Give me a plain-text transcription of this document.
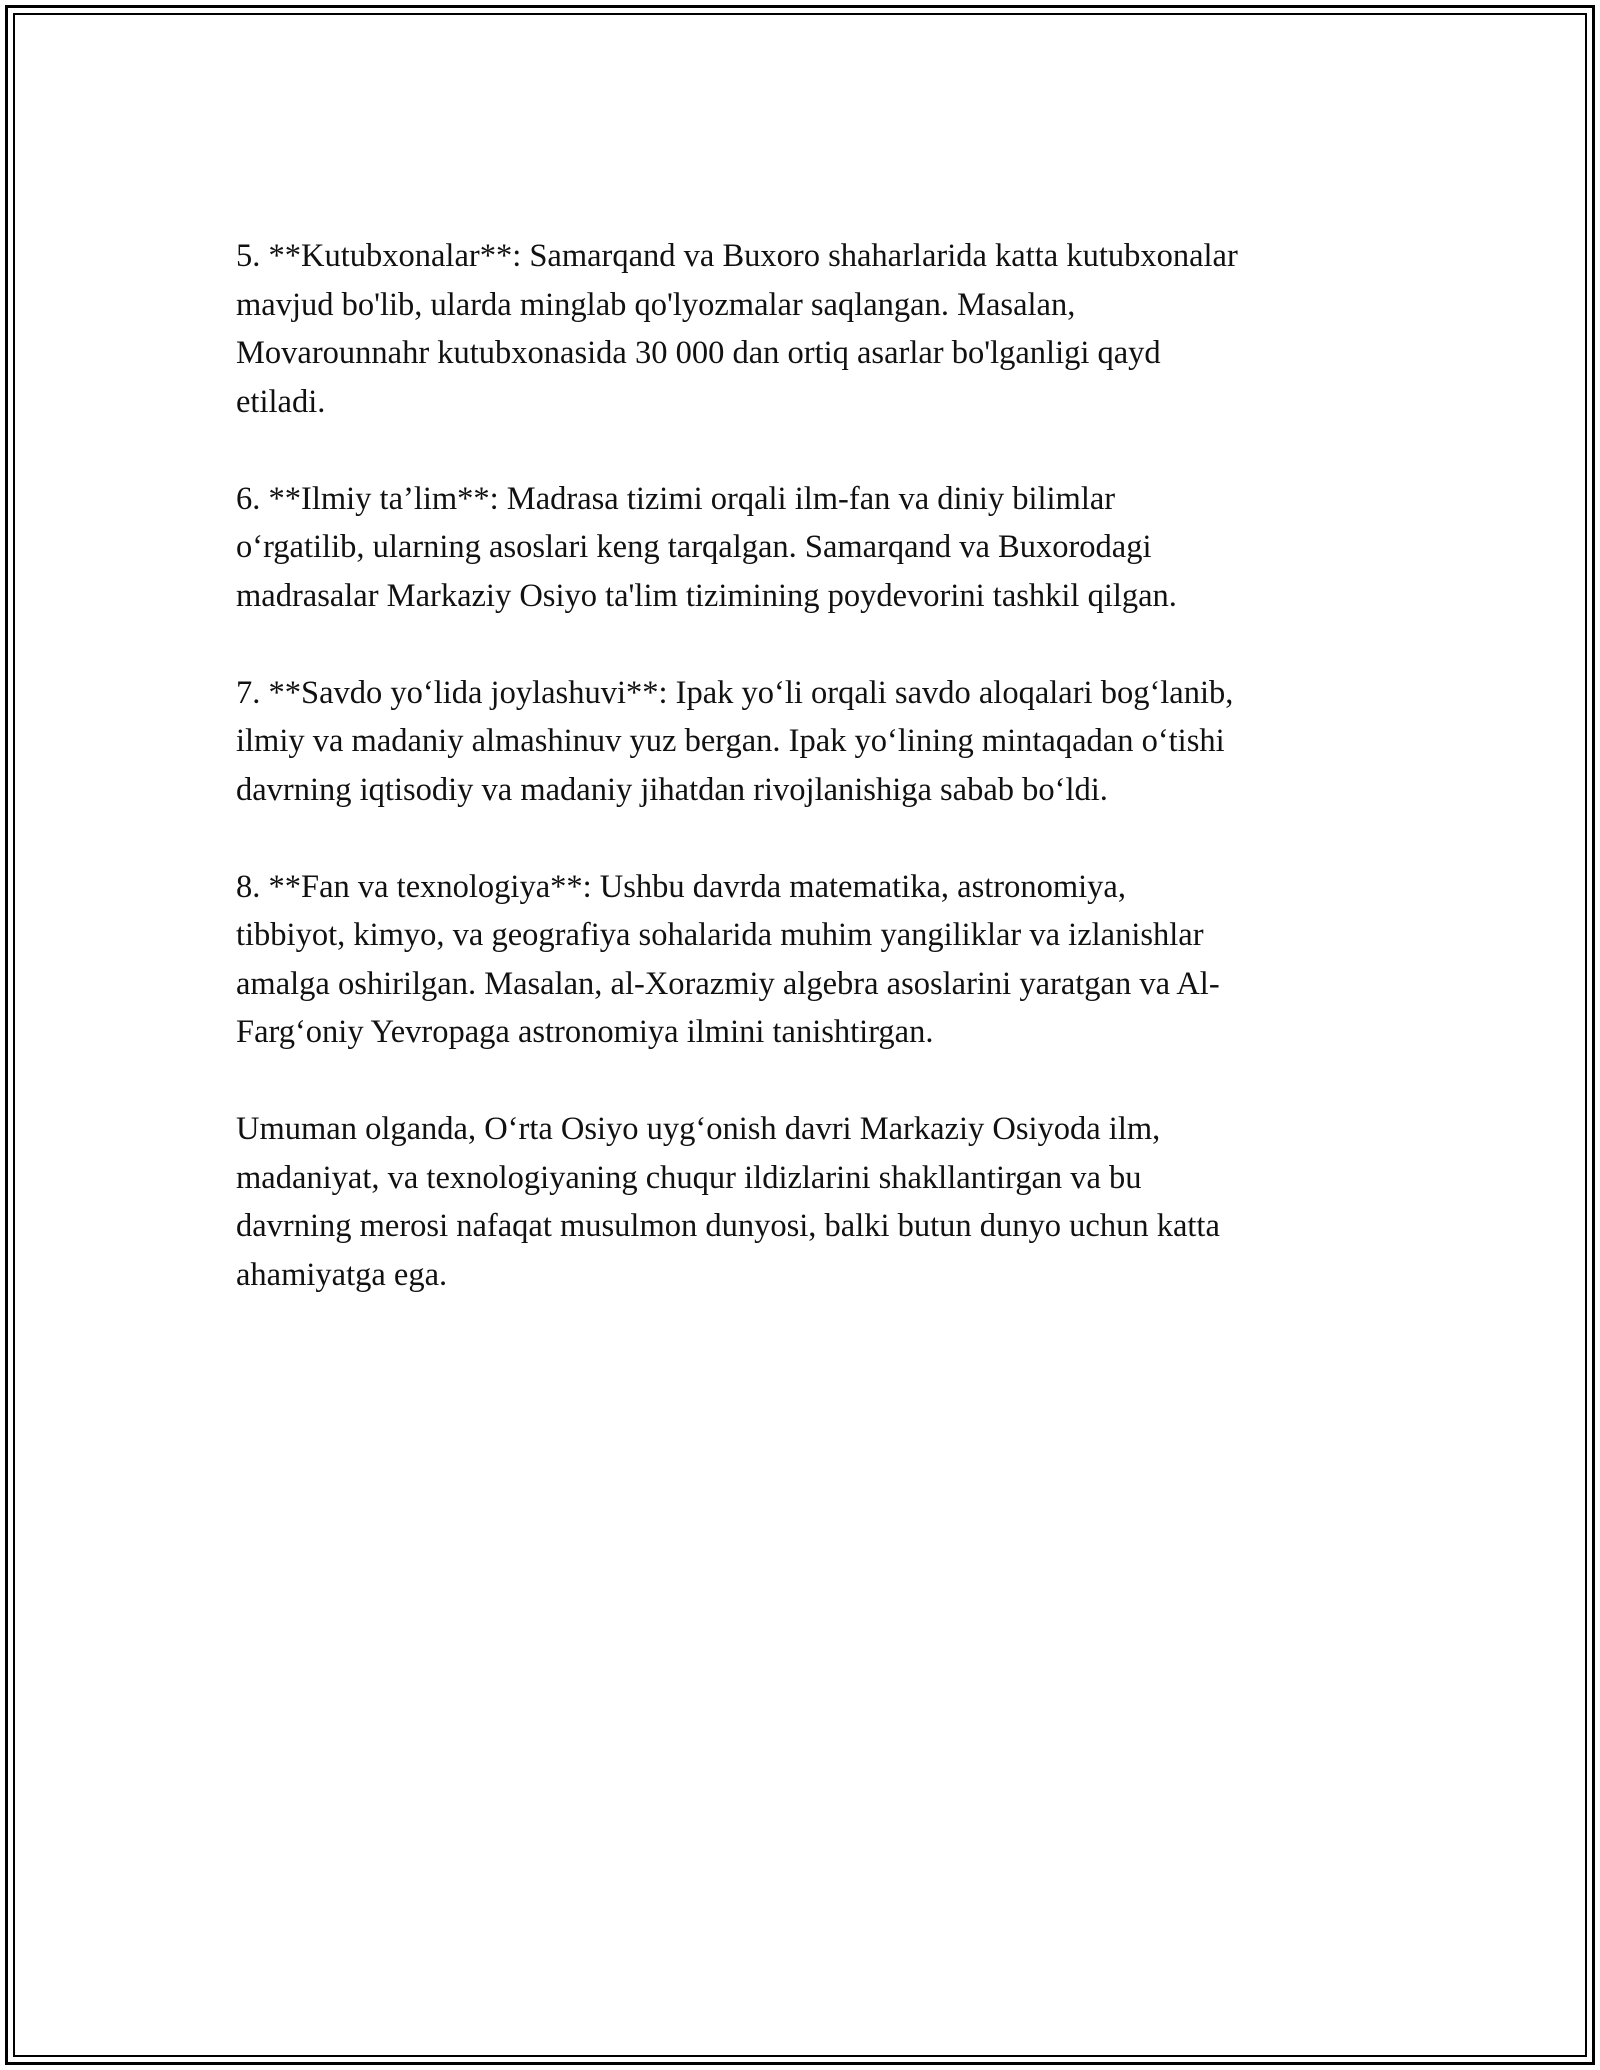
5. **Kutubxonalar**: Samarqand va Buxoro shaharlarida katta kutubxonalar
mavjud bo'lib, ularda minglab qo'lyozmalar saqlangan. Masalan,
Movarounnahr kutubxonasida 30 000 dan ortiq asarlar bo'lganligi qayd
etiladi.
6. **Ilmiy ta’lim**: Madrasa tizimi orqali ilm-fan va diniy bilimlar
o‘rgatilib, ularning asoslari keng tarqalgan. Samarqand va Buxorodagi
madrasalar Markaziy Osiyo ta'lim tizimining poydevorini tashkil qilgan.
7. **Savdo yo‘lida joylashuvi**: Ipak yo‘li orqali savdo aloqalari bog‘lanib,
ilmiy va madaniy almashinuv yuz bergan. Ipak yo‘lining mintaqadan o‘tishi
davrning iqtisodiy va madaniy jihatdan rivojlanishiga sabab bo‘ldi.
8. **Fan va texnologiya**: Ushbu davrda matematika, astronomiya,
tibbiyot, kimyo, va geografiya sohalarida muhim yangiliklar va izlanishlar
amalga oshirilgan. Masalan, al-Xorazmiy algebra asoslarini yaratgan va Al-
Farg‘oniy Yevropaga astronomiya ilmini tanishtirgan.
Umuman olganda, O‘rta Osiyo uyg‘onish davri Markaziy Osiyoda ilm,
madaniyat, va texnologiyaning chuqur ildizlarini shakllantirgan va bu
davrning merosi nafaqat musulmon dunyosi, balki butun dunyo uchun katta
ahamiyatga ega.
